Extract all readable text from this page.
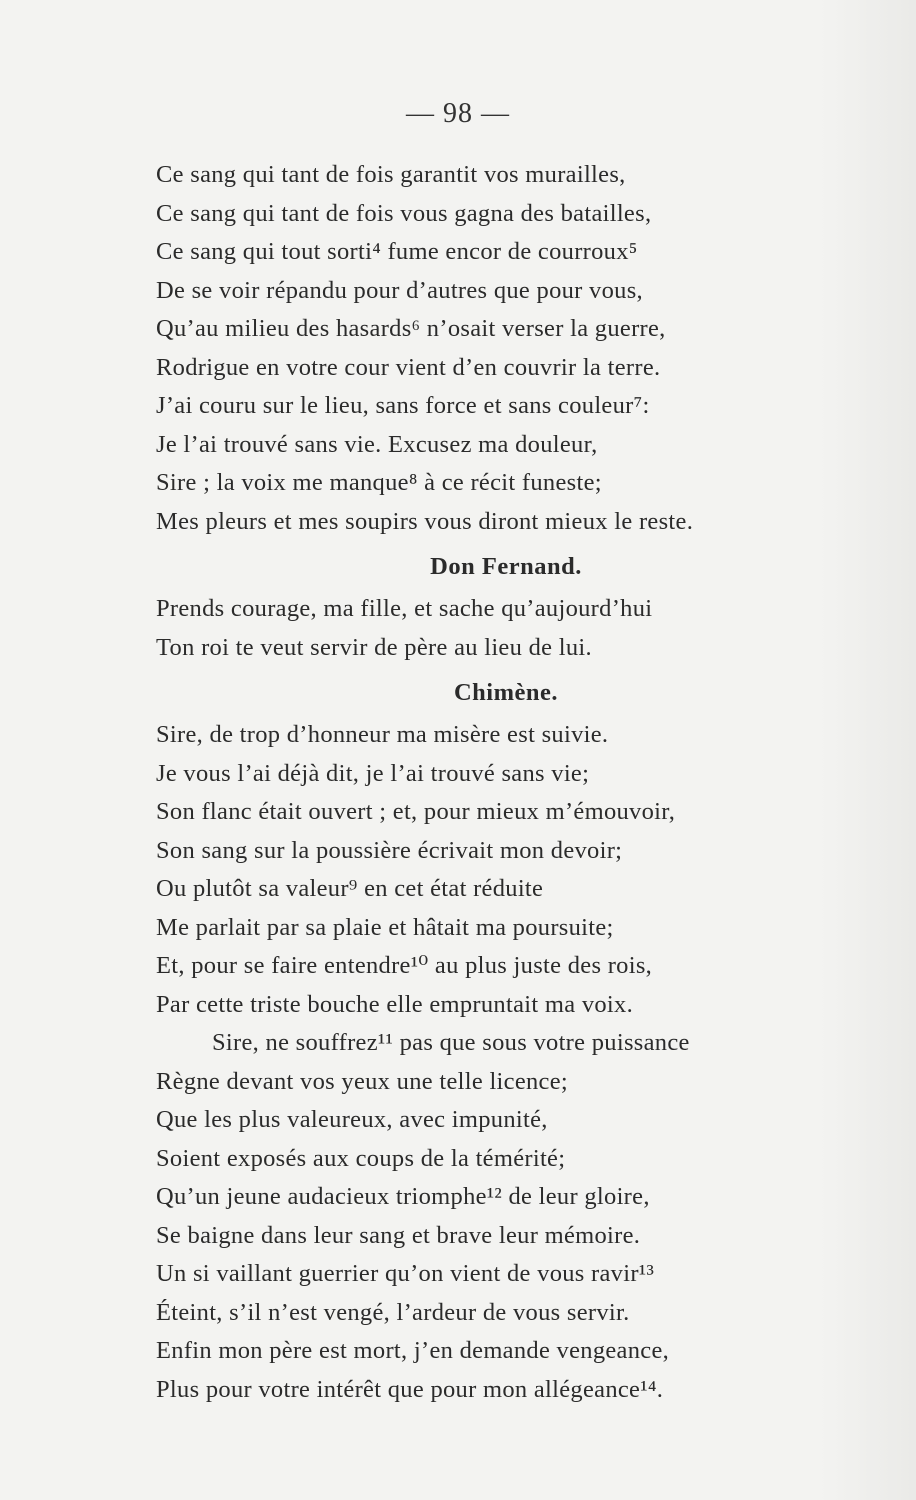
— 98 —
Ce sang qui tant de fois garantit vos murailles,
Ce sang qui tant de fois vous gagna des batailles,
Ce sang qui tout sorti⁴ fume encor de courroux⁵
De se voir répandu pour d’autres que pour vous,
Qu’au milieu des hasards⁶ n’osait verser la guerre,
Rodrigue en votre cour vient d’en couvrir la terre.
J’ai couru sur le lieu, sans force et sans couleur⁷:
Je l’ai trouvé sans vie. Excusez ma douleur,
Sire ; la voix me manque⁸ à ce récit funeste;
Mes pleurs et mes soupirs vous diront mieux le reste.
Don Fernand.
Prends courage, ma fille, et sache qu’aujourd’hui
Ton roi te veut servir de père au lieu de lui.
Chimène.
Sire, de trop d’honneur ma misère est suivie.
Je vous l’ai déjà dit, je l’ai trouvé sans vie;
Son flanc était ouvert ; et, pour mieux m’émouvoir,
Son sang sur la poussière écrivait mon devoir;
Ou plutôt sa valeur⁹ en cet état réduite
Me parlait par sa plaie et hâtait ma poursuite;
Et, pour se faire entendre¹⁰ au plus juste des rois,
Par cette triste bouche elle empruntait ma voix.
Sire, ne souffrez¹¹ pas que sous votre puissance
Règne devant vos yeux une telle licence;
Que les plus valeureux, avec impunité,
Soient exposés aux coups de la témérité;
Qu’un jeune audacieux triomphe¹² de leur gloire,
Se baigne dans leur sang et brave leur mémoire.
Un si vaillant guerrier qu’on vient de vous ravir¹³
Éteint, s’il n’est vengé, l’ardeur de vous servir.
Enfin mon père est mort, j’en demande vengeance,
Plus pour votre intérêt que pour mon allégeance¹⁴.
